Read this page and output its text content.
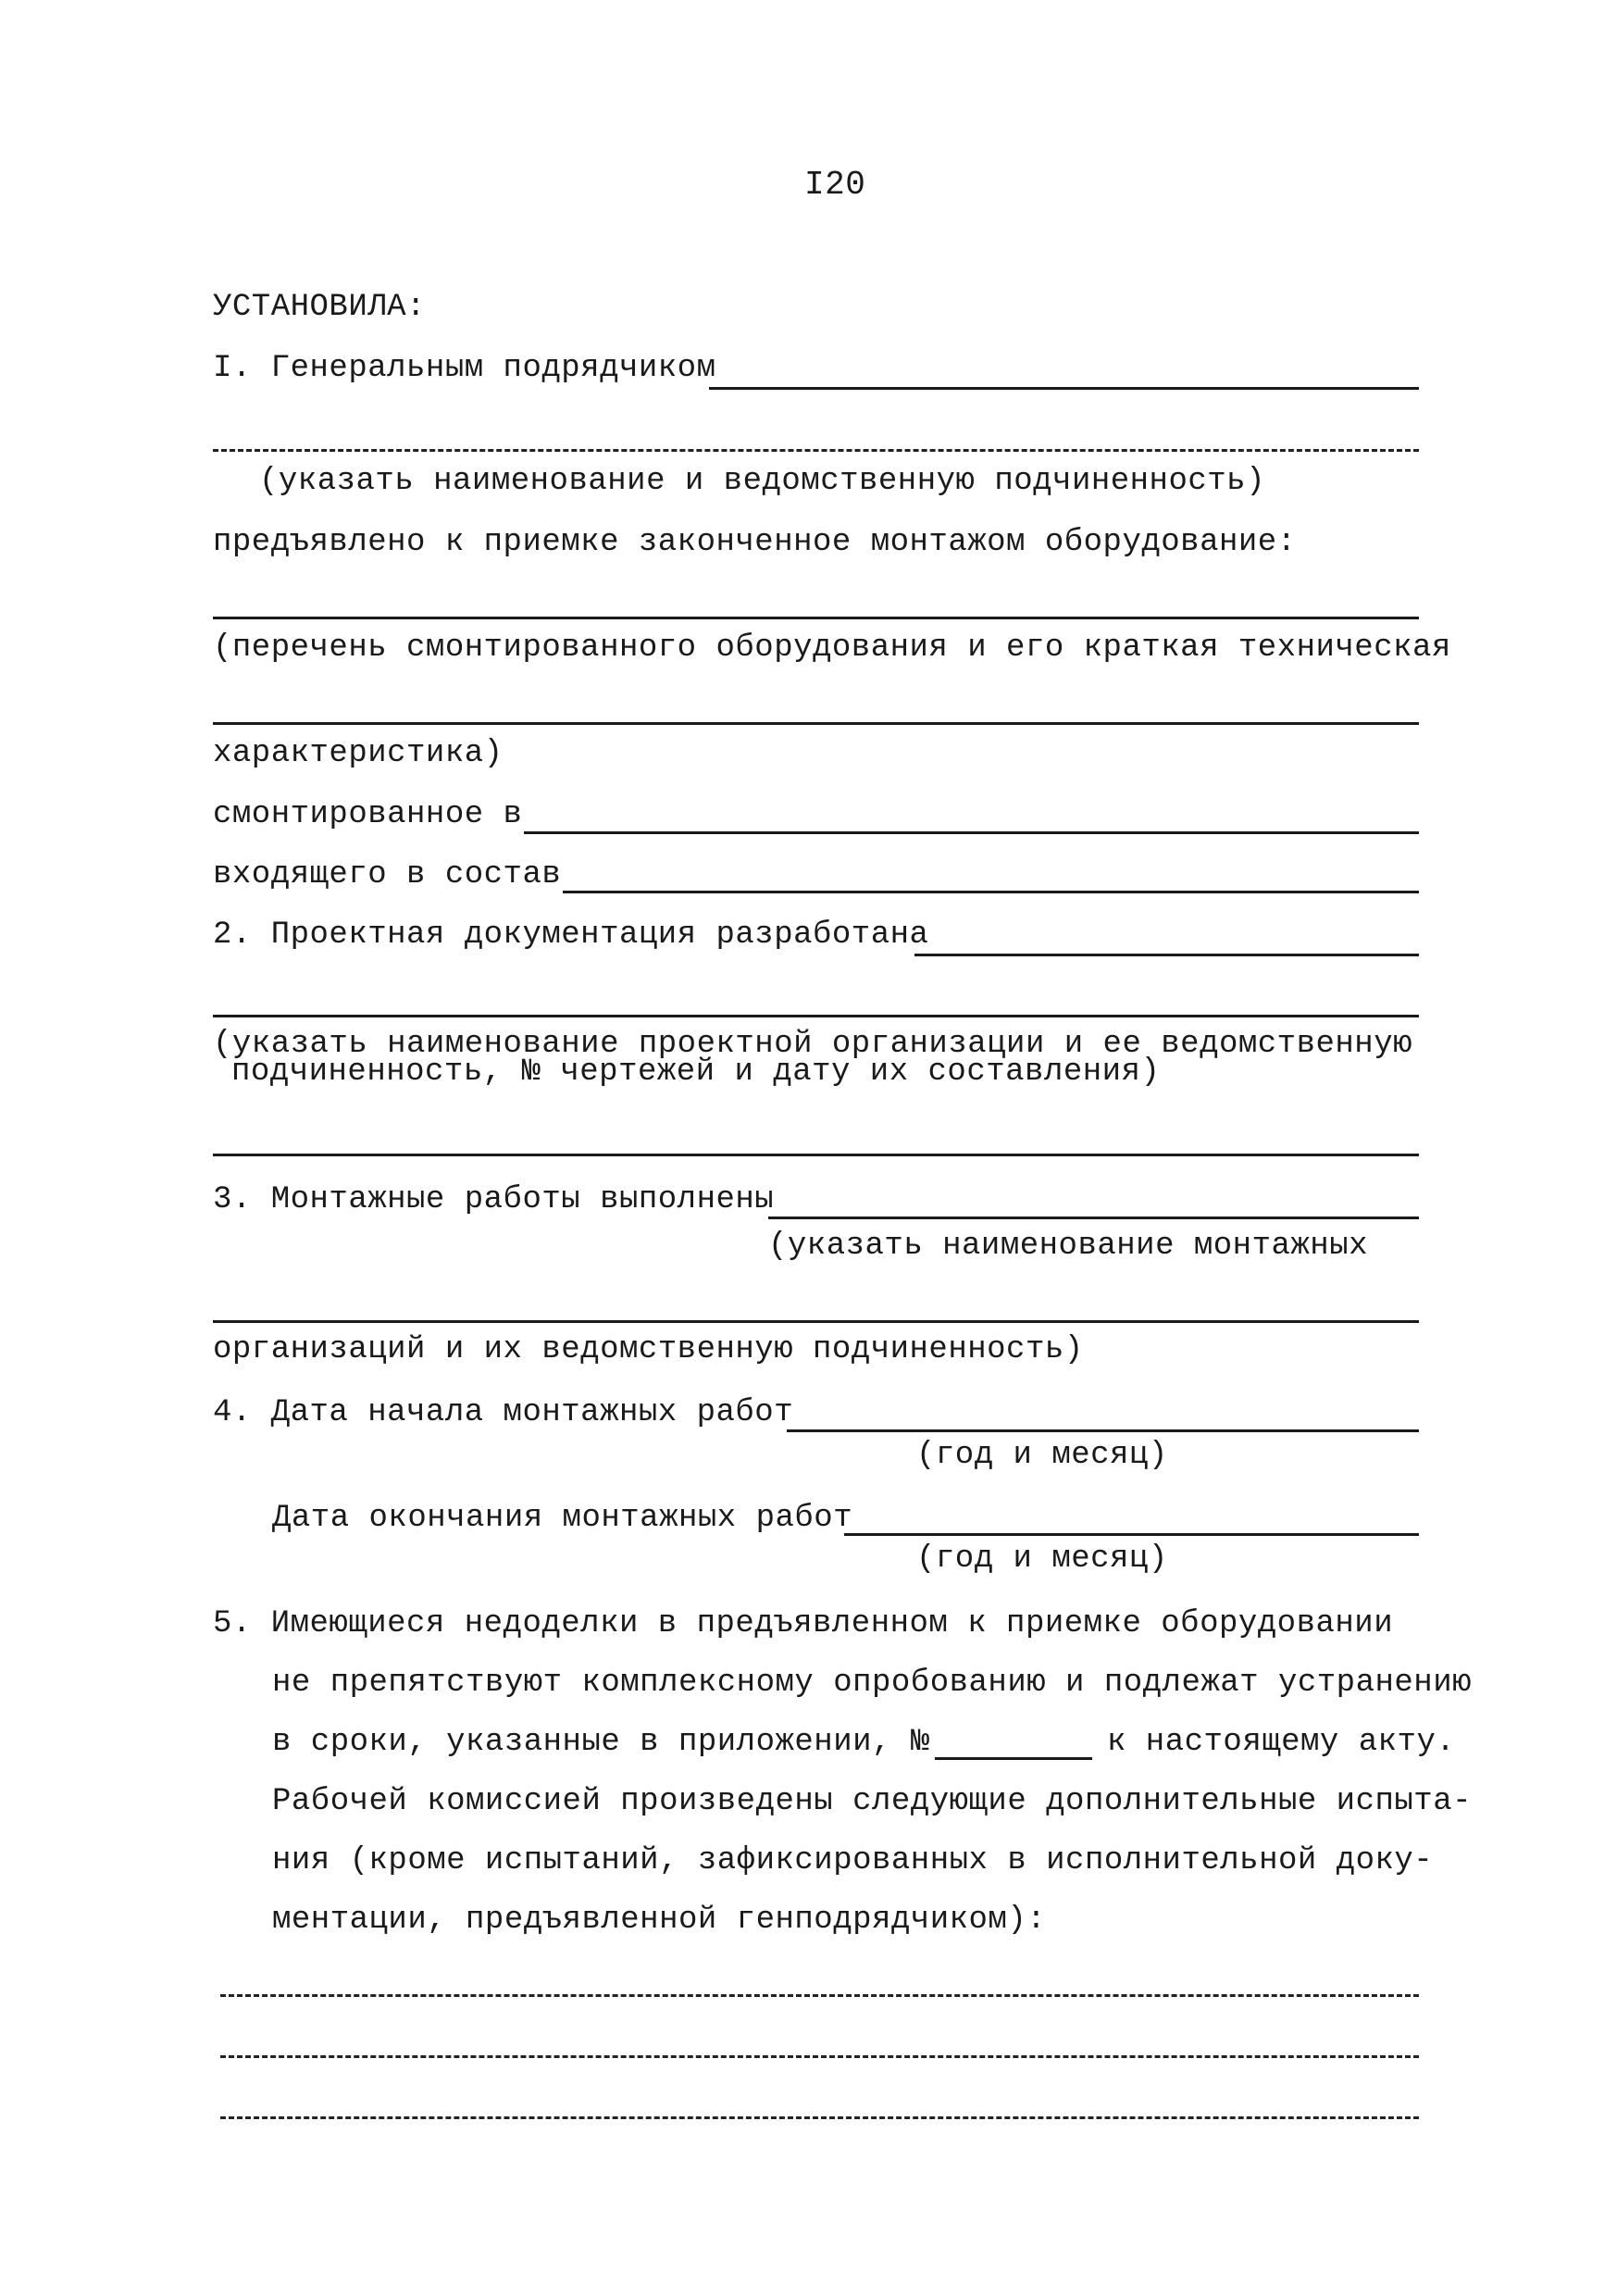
I20
УСТАНОВИЛА:
I. Генеральным подрядчиком
(указать наименование и ведомственную подчиненность)
предъявлено к приемке законченное монтажом оборудование:
(перечень смонтированного оборудования и его краткая техническая
характеристика)
смонтированное в
входящего в состав
2. Проектная документация разработана
(указать наименование проектной организации и ее ведомственную
подчиненность, № чертежей и дату их составления)
3. Монтажные работы выполнены
(указать наименование монтажных
организаций и их ведомственную подчиненность)
4. Дата начала монтажных работ
(год и месяц)
Дата окончания монтажных работ
(год и месяц)
5. Имеющиеся недоделки в предъявленном к приемке оборудовании
не препятствуют комплексному опробованию и подлежат устранению
в сроки, указанные в приложении, №	к настоящему акту.
Рабочей комиссией произведены следующие дополнительные испыта-
ния (кроме испытаний, зафиксированных в исполнительной доку-
ментации, предъявленной генподрядчиком):
